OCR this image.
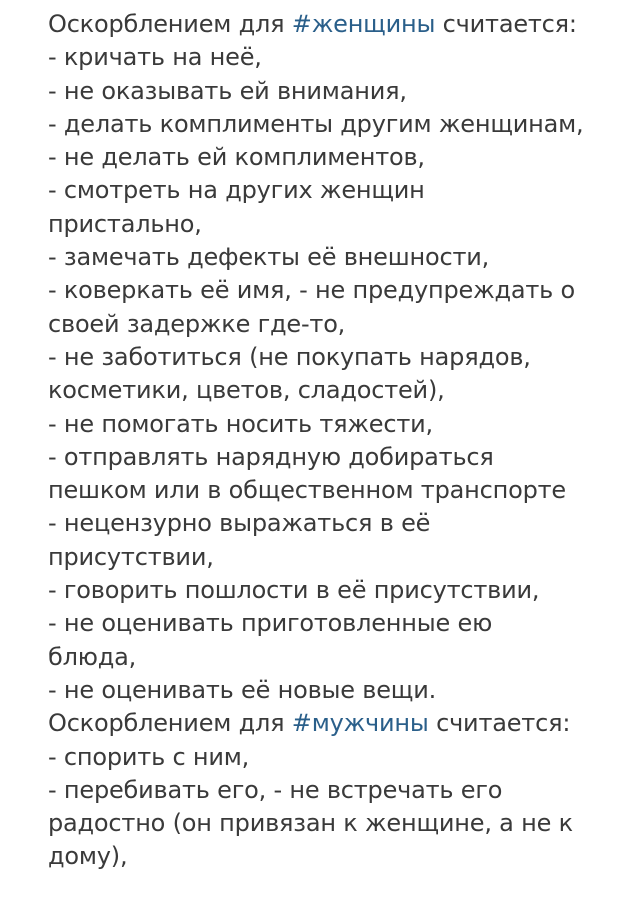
Оскорблением для #женщины считается:
- кричать на неё,
- не оказывать ей внимания,
- делать комплименты другим женщинам,
- не делать ей комплиментов,
- смотреть на других женщин
пристально,
- замечать дефекты её внешности,
- коверкать её имя, - не предупреждать о
своей задержке где-то,
- не заботиться (не покупать нарядов,
косметики, цветов, сладостей),
- не помогать носить тяжести,
- отправлять нарядную добираться
пешком или в общественном транспорте
- нецензурно выражаться в её
присутствии,
- говорить пошлости в её присутствии,
- не оценивать приготовленные ею
блюда,
- не оценивать её новые вещи.
Оскорблением для #мужчины считается:
- спорить с ним,
- перебивать его, - не встречать его
радостно (он привязан к женщине, а не к
дому),
